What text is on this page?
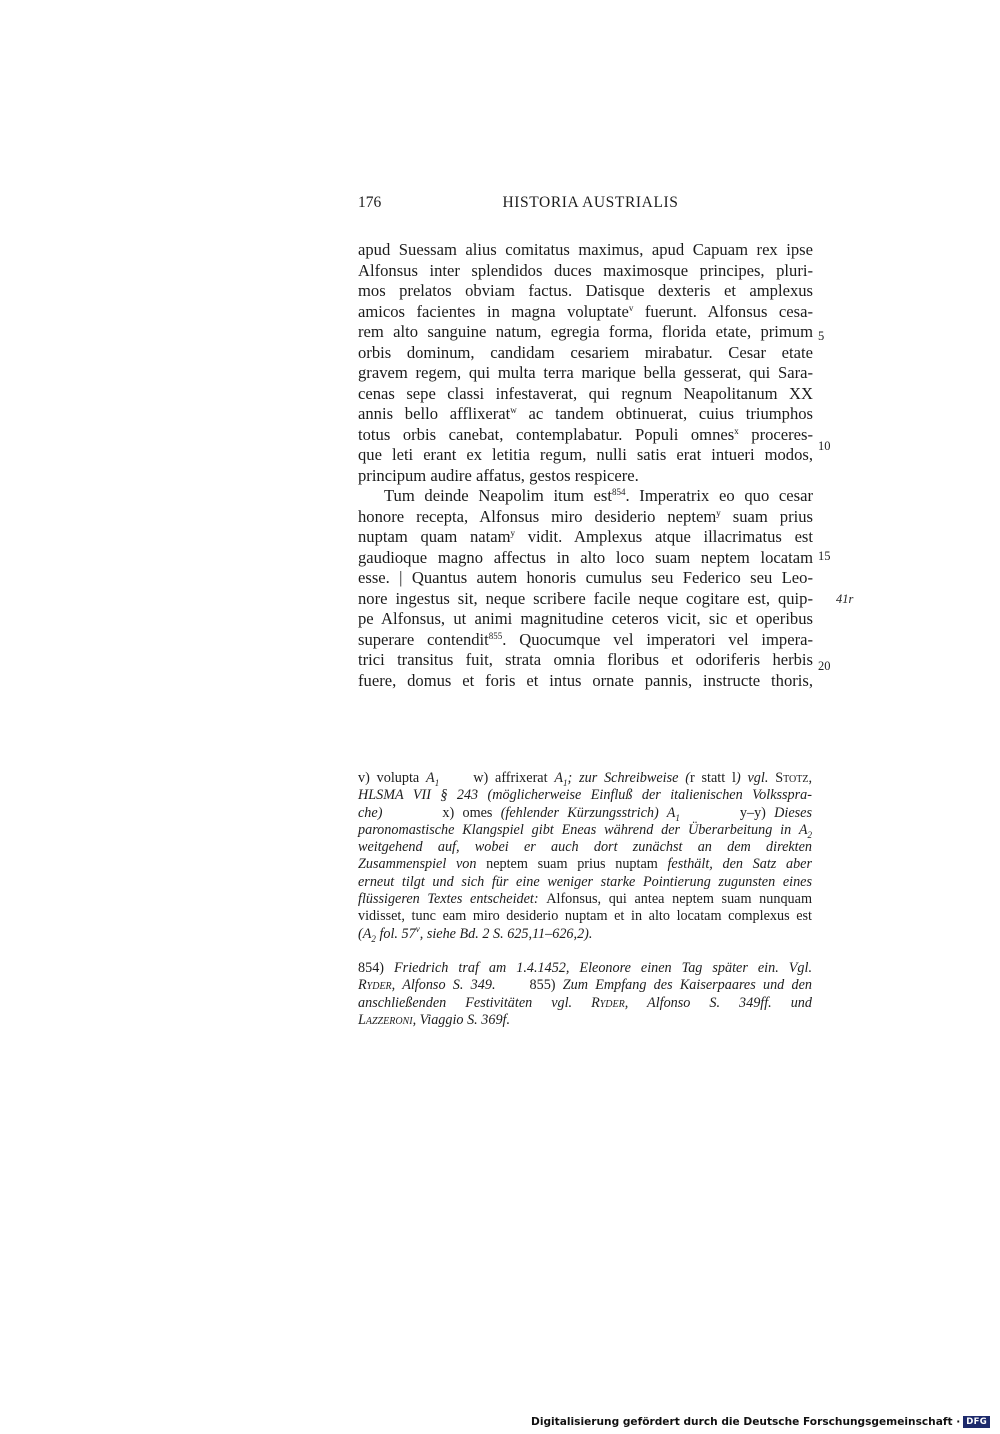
176	HISTORIA AUSTRIALIS
apud Suessam alius comitatus maximus, apud Capuam rex ipse
Alfonsus inter splendidos duces maximosque principes, pluri-
mos prelatos obviam factus. Datisque dexteris et amplexus
amicos facientes in magna voluptate$^v$ fuerunt. Alfonsus cesa-
rem alto sanguine natum, egregia forma, florida etate, primum
orbis dominum, candidam cesariem mirabatur. Cesar etate
gravem regem, qui multa terra marique bella gesserat, qui Sara-
cenas sepe classi infestaverat, qui regnum Neapolitanum XX
annis bello afflixerat$^w$ ac tandem obtinuerat, cuius triumphos
totus orbis canebat, contemplabatur. Populi omnes$^x$ proceres-
que leti erant ex letitia regum, nulli satis erat intueri modos,
principum audire affatus, gestos respicere.
Tum deinde Neapolim itum est$^{854}$. Imperatrix eo quo cesar
honore recepta, Alfonsus miro desiderio neptem$^y$ suam prius
nuptam quam natam$^y$ vidit. Amplexus atque illacrimatus est
gaudioque magno affectus in alto loco suam neptem locatam
esse. | Quantus autem honoris cumulus seu Federico seu Leo-
nore ingestus sit, neque scribere facile neque cogitare est, quip-
pe Alfonsus, ut animi magnitudine ceteros vicit, sic et operibus
superare contendit$^{855}$. Quocumque vel imperatori vel impera-
trici transitus fuit, strata omnia floribus et odoriferis herbis
fuere, domus et foris et intus ornate pannis, instructe thoris,
5
10
15
20
41r
v) volupta $A_1$ w) affrixerat $A_1$; zur Schreibweise (r statt l) vgl. Stotz,
HLSMA VII § 243 (möglicherweise Einfluß der italienischen Volksspra-
che)	x) omes (fehlender Kürzungsstrich) $A_1$	y–y) Dieses
paronomastische Klangspiel gibt Eneas während der Überarbeitung in $A_2$
weitgehend auf, wobei er auch dort zunächst an dem direkten
Zusammenspiel von neptem suam prius nuptam festhält, den Satz aber
erneut tilgt und sich für eine weniger starke Pointierung zugunsten eines
flüssigeren Textes entscheidet: Alfonsus, qui antea neptem suam nunquam
vidisset, tunc eam miro desiderio nuptam et in alto locatam complexus est
($A_2$ fol. 57$^v$, siehe Bd. 2 S. 625,11–626,2).
854) Friedrich traf am 1.4.1452, Eleonore einen Tag später ein. Vgl.
Ryder, Alfonso S. 349. 855) Zum Empfang des Kaiserpaares und den
anschließenden Festivitäten vgl. Ryder, Alfonso S. 349ff. und
Lazzeroni, Viaggio S. 369f.
Digitalisierung gefördert durch die Deutsche Forschungsgemeinschaft · DFG
